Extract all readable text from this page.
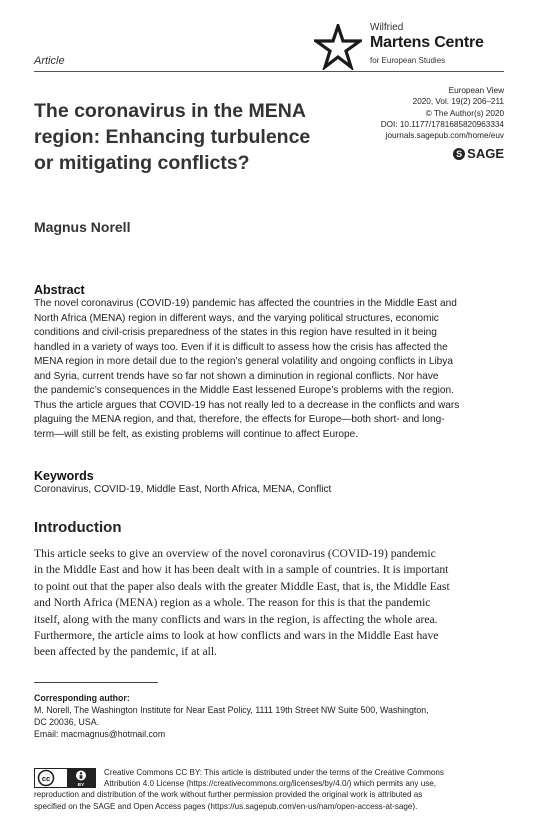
Article
Wilfried
Martens Centre
for European Studies
The coronavirus in the MENA
region: Enhancing turbulence
or mitigating conflicts?
European View
2020, Vol. 19(2) 206–211
© The Author(s) 2020
DOI: 10.1177/1781685820963334
journals.sagepub.com/home/euv
S SAGE
Magnus Norell
Abstract
The novel coronavirus (COVID-19) pandemic has affected the countries in the Middle East and
North Africa (MENA) region in different ways, and the varying political structures, economic
conditions and civil-crisis preparedness of the states in this region have resulted in it being
handled in a variety of ways too. Even if it is difficult to assess how the crisis has affected the
MENA region in more detail due to the region’s general volatility and ongoing conflicts in Libya
and Syria, current trends have so far not shown a diminution in regional conflicts. Nor have
the pandemic’s consequences in the Middle East lessened Europe’s problems with the region.
Thus the article argues that COVID-19 has not really led to a decrease in the conflicts and wars
plaguing the MENA region, and that, therefore, the effects for Europe—both short- and long-
term—will still be felt, as existing problems will continue to affect Europe.
Keywords
Coronavirus, COVID-19, Middle East, North Africa, MENA, Conflict
Introduction
This article seeks to give an overview of the novel coronavirus (COVID-19) pandemic
in the Middle East and how it has been dealt with in a sample of countries. It is important
to point out that the paper also deals with the greater Middle East, that is, the Middle East
and North Africa (MENA) region as a whole. The reason for this is that the pandemic
itself, along with the many conflicts and wars in the region, is affecting the whole area.
Furthermore, the article aims to look at how conflicts and wars in the Middle East have
been affected by the pandemic, if at all.
Corresponding author:
M. Norell, The Washington Institute for Near East Policy, 1111 19th Street NW Suite 500, Washington,
DC 20036, USA.
Email: macmagnus@hotmail.com
cc
BY
Creative Commons CC BY: This article is distributed under the terms of the Creative Commons
Attribution 4.0 License (https://creativecommons.org/licenses/by/4.0/) which permits any use,
reproduction and distribution of the work without further permission provided the original work is attributed as
specified on the SAGE and Open Access pages (https://us.sagepub.com/en-us/nam/open-access-at-sage).
